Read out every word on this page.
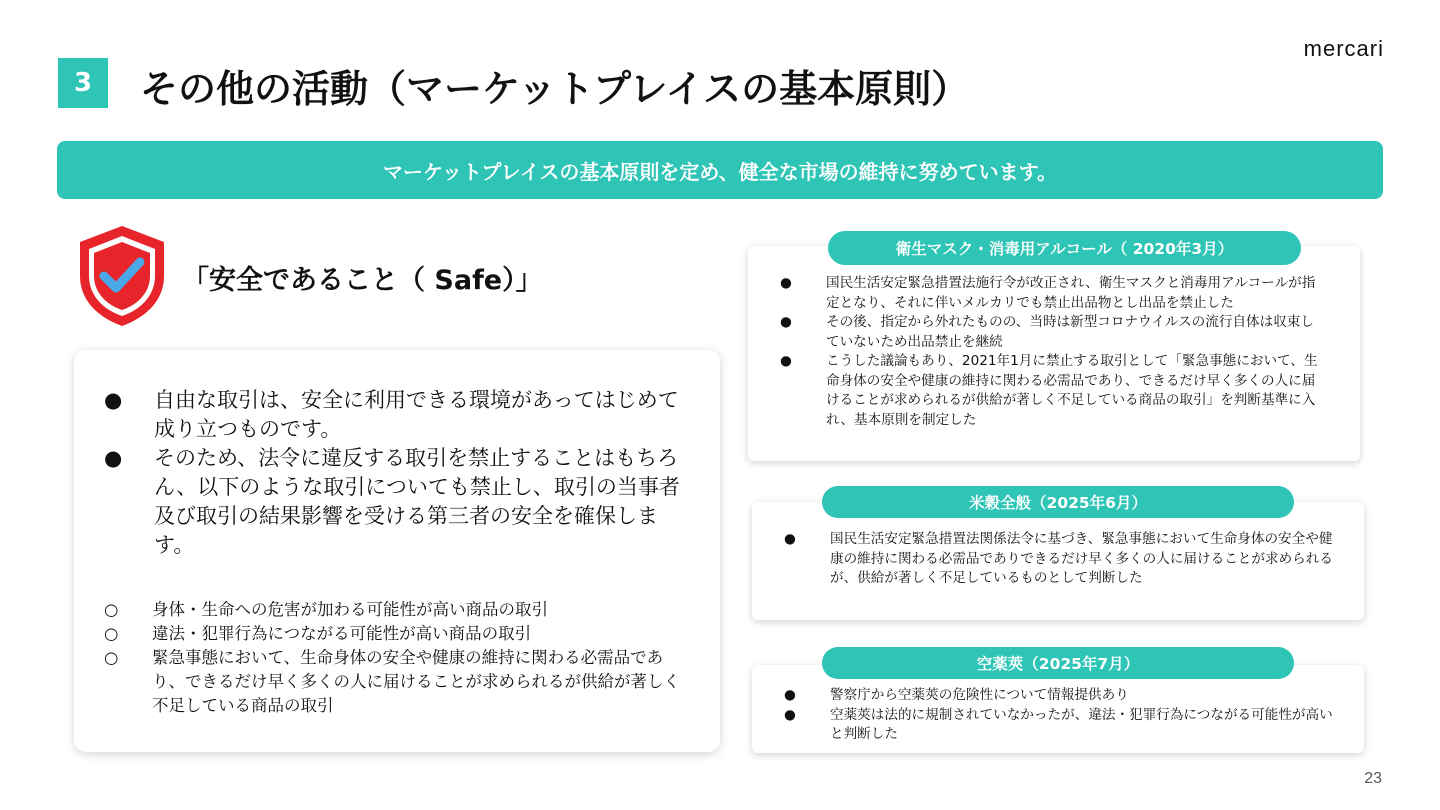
3	その他の活動（マーケットプレイスの基本原則）
mercari
マーケットプレイスの基本原則を定め、健全な市場の維持に努めています。
「安全であること（ Safe）」
● 自由な取引は、安全に利用できる環境があってはじめて成り立つものです。
● そのため、法令に違反する取引を禁止することはもちろん、以下のような取引についても禁止し、取引の当事者及び取引の結果影響を受ける第三者の安全を確保します。
○ 身体・生命への危害が加わる可能性が高い商品の取引
○ 違法・犯罪行為につながる可能性が高い商品の取引
○ 緊急事態において、生命身体の安全や健康の維持に関わる必需品であり、できるだけ早く多くの人に届けることが求められるが供給が著しく不足している商品の取引
●	国民生活安定緊急措置法施行令が改正され、衛生マスクと消毒用アルコールが指定となり、それに伴いメルカリでも禁止出品物とし出品を禁止した
●	その後、指定から外れたものの、当時は新型コロナウイルスの流行自体は収束していないため出品禁止を継続
●	こうした議論もあり、2021年1月に禁止する取引として「緊急事態において、生命身体の安全や健康の維持に関わる必需品であり、できるだけ早く多くの人に届けることが求められるが供給が著しく不足している商品の取引」を判断基準に入れ、基本原則を制定した
衛生マスク・消毒用アルコール（ 2020年3月）
●	国民生活安定緊急措置法関係法令に基づき、緊急事態において生命身体の安全や健康の維持に関わる必需品でありできるだけ早く多くの人に届けることが求められるが、供給が著しく不足しているものとして判断した
米穀全般（2025年6月）
●	警察庁から空薬莢の危険性について情報提供あり
●	空薬莢は法的に規制されていなかったが、違法・犯罪行為につながる可能性が高いと判断した
空薬莢（2025年7月）
23
